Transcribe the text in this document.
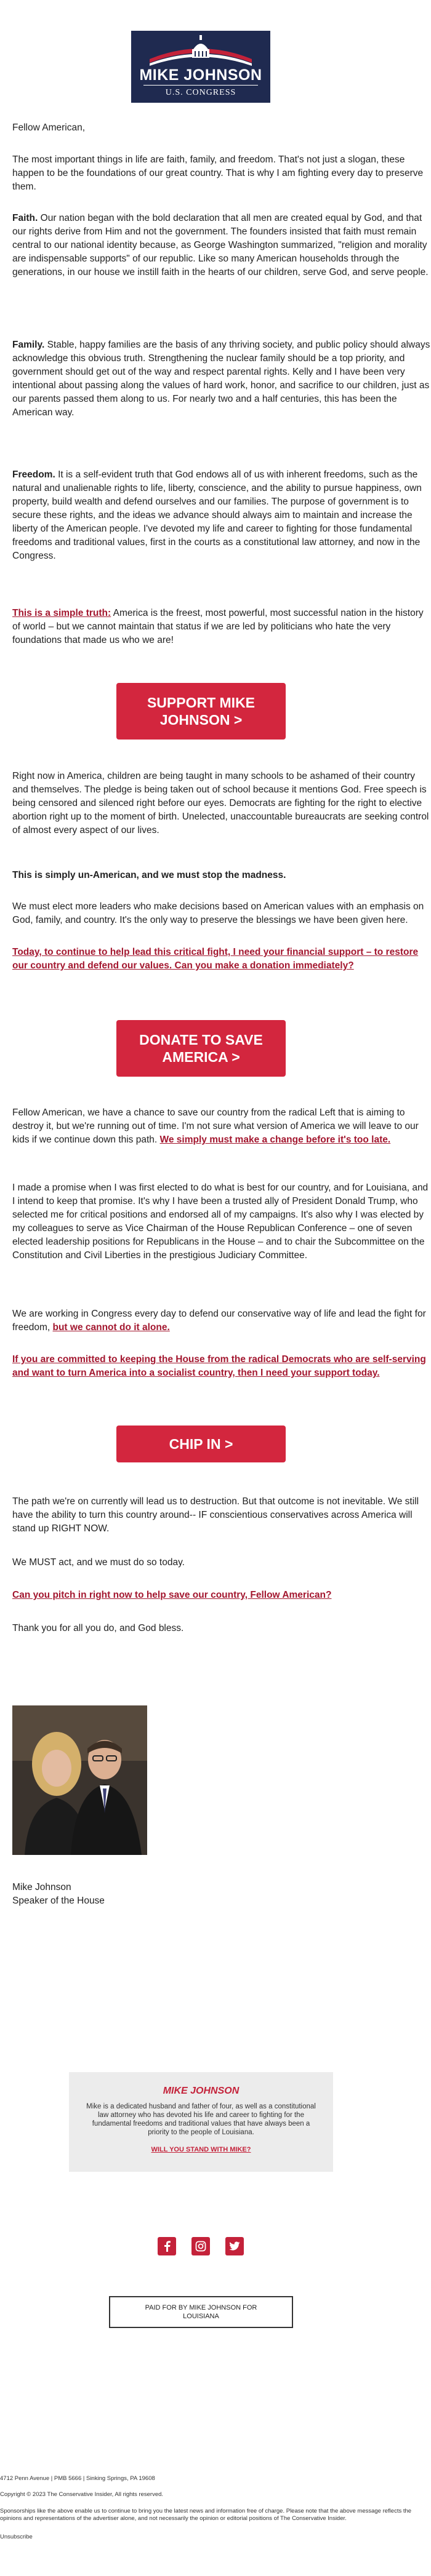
MIKE JOHNSON
U.S. CONGRESS

Fellow American,

The most important things in life are faith, family, and freedom. That's not just a slogan, these happen to be the foundations of our great country. That is why I am fighting every day to preserve them.

Faith. Our nation began with the bold declaration that all men are created equal by God, and that our rights derive from Him and not the government. The founders insisted that faith must remain central to our national identity because, as George Washington summarized, "religion and morality are indispensable supports" of our republic. Like so many American households through the generations, in our house we instill faith in the hearts of our children, serve God, and serve people.

Family. Stable, happy families are the basis of any thriving society, and public policy should always acknowledge this obvious truth. Strengthening the nuclear family should be a top priority, and government should get out of the way and respect parental rights. Kelly and I have been very intentional about passing along the values of hard work, honor, and sacrifice to our children, just as our parents passed them along to us. For nearly two and a half centuries, this has been the American way.

Freedom. It is a self-evident truth that God endows all of us with inherent freedoms, such as the natural and unalienable rights to life, liberty, conscience, and the ability to pursue happiness, own property, build wealth and defend ourselves and our families. The purpose of government is to secure these rights, and the ideas we advance should always aim to maintain and increase the liberty of the American people. I've devoted my life and career to fighting for those fundamental freedoms and traditional values, first in the courts as a constitutional law attorney, and now in the Congress.

This is a simple truth: America is the freest, most powerful, most successful nation in the history of world – but we cannot maintain that status if we are led by politicians who hate the very foundations that made us who we are!

SUPPORT MIKE JOHNSON >

Right now in America, children are being taught in many schools to be ashamed of their country and themselves. The pledge is being taken out of school because it mentions God. Free speech is being censored and silenced right before our eyes. Democrats are fighting for the right to elective abortion right up to the moment of birth. Unelected, unaccountable bureaucrats are seeking control of almost every aspect of our lives.

This is simply un-American, and we must stop the madness.

We must elect more leaders who make decisions based on American values with an emphasis on God, family, and country. It's the only way to preserve the blessings we have been given here.

Today, to continue to help lead this critical fight, I need your financial support – to restore our country and defend our values. Can you make a donation immediately?

DONATE TO SAVE AMERICA >

Fellow American, we have a chance to save our country from the radical Left that is aiming to destroy it, but we're running out of time. I'm not sure what version of America we will leave to our kids if we continue down this path. We simply must make a change before it's too late.

I made a promise when I was first elected to do what is best for our country, and for Louisiana, and I intend to keep that promise. It's why I have been a trusted ally of President Donald Trump, who selected me for critical positions and endorsed all of my campaigns. It's also why I was elected by my colleagues to serve as Vice Chairman of the House Republican Conference – one of seven elected leadership positions for Republicans in the House – and to chair the Subcommittee on the Constitution and Civil Liberties in the prestigious Judiciary Committee.

We are working in Congress every day to defend our conservative way of life and lead the fight for freedom, but we cannot do it alone.

If you are committed to keeping the House from the radical Democrats who are self-serving and want to turn America into a socialist country, then I need your support today.

CHIP IN >

The path we're on currently will lead us to destruction. But that outcome is not inevitable. We still have the ability to turn this country around-- IF conscientious conservatives across America will stand up RIGHT NOW.

We MUST act, and we must do so today.

Can you pitch in right now to help save our country, Fellow American?

Thank you for all you do, and God bless.

Mike Johnson

Speaker of the House

MIKE JOHNSON
Mike is a dedicated husband and father of four, as well as a constitutional law attorney who has devoted his life and career to fighting for the fundamental freedoms and traditional values that have always been a priority to the people of Louisiana.
WILL YOU STAND WITH MIKE?
PAID FOR BY MIKE JOHNSON FOR LOUISIANA
4712 Penn Avenue | PMB 5666 | Sinking Springs, PA 19608
Copyright © 2023 The Conservative Insider, All rights reserved.
Sponsorships like the above enable us to continue to bring you the latest news and information free of charge. Please note that the above message reflects the opinions and representations of the advertiser alone, and not necessarily the opinion or editorial positions of The Conservative Insider.
Unsubscribe
